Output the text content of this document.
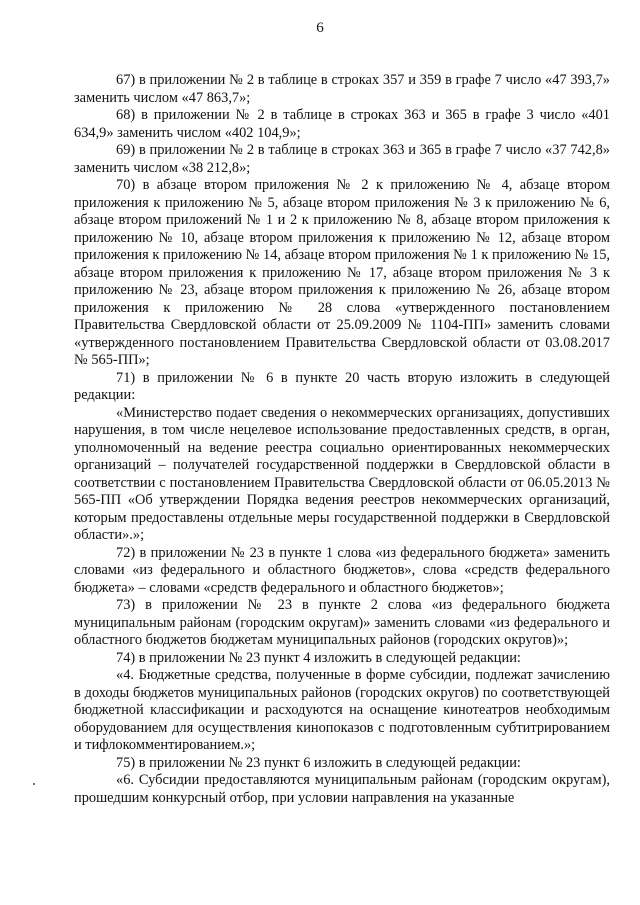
6

67) в приложении № 2 в таблице в строках 357 и 359 в графе 7 число «47 393,7» заменить числом «47 863,7»;

68) в приложении № 2 в таблице в строках 363 и 365 в графе 3 число «401 634,9» заменить числом «402 104,9»;

69) в приложении № 2 в таблице в строках 363 и 365 в графе 7 число «37 742,8» заменить числом «38 212,8»;

70) в абзаце втором приложения № 2 к приложению № 4, абзаце втором приложения к приложению № 5, абзаце втором приложения № 3 к приложению № 6, абзаце втором приложений № 1 и 2 к приложению № 8, абзаце втором приложения к приложению № 10, абзаце втором приложения к приложению № 12, абзаце втором приложения к приложению № 14, абзаце втором приложения № 1 к приложению № 15, абзаце втором приложения к приложению № 17, абзаце втором приложения № 3 к приложению № 23, абзаце втором приложения к приложению № 26, абзаце втором приложения к приложению № 28 слова «утвержденного постановлением Правительства Свердловской области от 25.09.2009 № 1104-ПП» заменить словами «утвержденного постановлением Правительства Свердловской области от 03.08.2017 № 565-ПП»;

71) в приложении № 6 в пункте 20 часть вторую изложить в следующей редакции:

«Министерство подает сведения о некоммерческих организациях, допустивших нарушения, в том числе нецелевое использование предоставленных средств, в орган, уполномоченный на ведение реестра социально ориентированных некоммерческих организаций – получателей государственной поддержки в Свердловской области в соответствии с постановлением Правительства Свердловской области от 06.05.2013 № 565-ПП «Об утверждении Порядка ведения реестров некоммерческих организаций, которым предоставлены отдельные меры государственной поддержки в Свердловской области».»;

72) в приложении № 23 в пункте 1 слова «из федерального бюджета» заменить словами «из федерального и областного бюджетов», слова «средств федерального бюджета» – словами «средств федерального и областного бюджетов»;

73) в приложении № 23 в пункте 2 слова «из федерального бюджета муниципальным районам (городским округам)» заменить словами «из федерального и областного бюджетов бюджетам муниципальных районов (городских округов)»;

74) в приложении № 23 пункт 4 изложить в следующей редакции:

«4. Бюджетные средства, полученные в форме субсидии, подлежат зачислению в доходы бюджетов муниципальных районов (городских округов) по соответствующей бюджетной классификации и расходуются на оснащение кинотеатров необходимым оборудованием для осуществления кинопоказов с подготовленным субтитрированием и тифлокомментированием.»;

75) в приложении № 23 пункт 6 изложить в следующей редакции:

«6. Субсидии предоставляются муниципальным районам (городским округам), прошедшим конкурсный отбор, при условии направления на указанные
